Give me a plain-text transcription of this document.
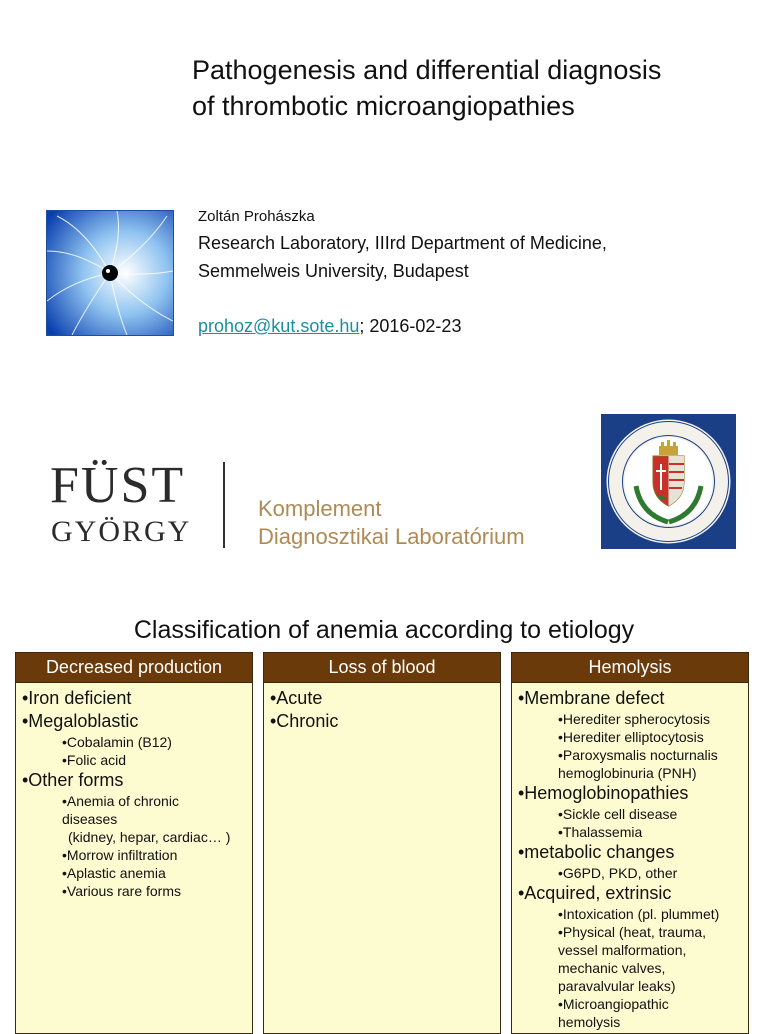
Pathogenesis and differential diagnosis
of thrombotic microangiopathies
Zoltán Prohászka
Research Laboratory, IIIrd Department of Medicine,
Semmelweis University, Budapest
prohoz@kut.sote.hu; 2016-02-23
FÜST
GYÖRGY
Komplement
Diagnosztikai Laboratórium
Classification of anemia according to etiology
Decreased production
•Iron deficient
•Megaloblastic
•Cobalamin (B12)
•Folic acid
•Other forms
•Anemia of chronic
diseases
(kidney, hepar, cardiac… )
•Morrow infiltration
•Aplastic anemia
•Various rare forms
Loss of blood
•Acute
•Chronic
Hemolysis
•Membrane defect
•Herediter spherocytosis
•Herediter elliptocytosis
•Paroxysmalis nocturnalis
hemoglobinuria (PNH)
•Hemoglobinopathies
•Sickle cell disease
•Thalassemia
•metabolic changes
•G6PD, PKD, other
•Acquired, extrinsic
•Intoxication (pl. plummet)
•Physical (heat, trauma,
vessel malformation,
mechanic valves,
paravalvular leaks)
•Microangiopathic
hemolysis
